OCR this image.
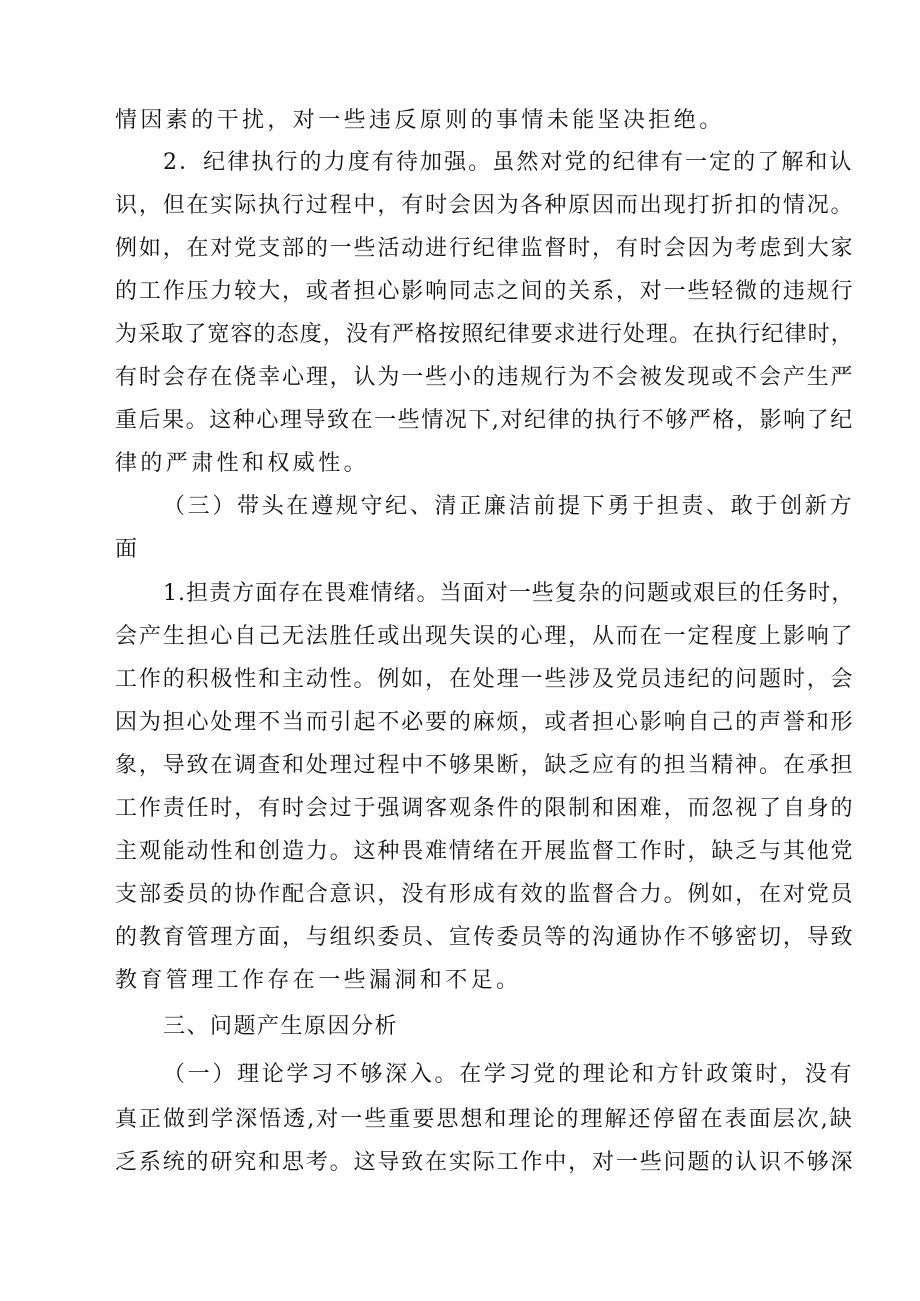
情因素的干扰，对一些违反原则的事情未能坚决拒绝。
2．纪律执行的力度有待加强。虽然对党的纪律有一定的了解和认
识，但在实际执行过程中，有时会因为各种原因而出现打折扣的情况。
例如，在对党支部的一些活动进行纪律监督时，有时会因为考虑到大家
的工作压力较大，或者担心影响同志之间的关系，对一些轻微的违规行
为采取了宽容的态度，没有严格按照纪律要求进行处理。在执行纪律时，
有时会存在侥幸心理，认为一些小的违规行为不会被发现或不会产生严
重后果。这种心理导致在一些情况下,对纪律的执行不够严格，影响了纪
律的严肃性和权威性。
（三）带头在遵规守纪、清正廉洁前提下勇于担责、敢于创新方
面
1.担责方面存在畏难情绪。当面对一些复杂的问题或艰巨的任务时，
会产生担心自己无法胜任或出现失误的心理，从而在一定程度上影响了
工作的积极性和主动性。例如，在处理一些涉及党员违纪的问题时，会
因为担心处理不当而引起不必要的麻烦，或者担心影响自己的声誉和形
象，导致在调查和处理过程中不够果断，缺乏应有的担当精神。在承担
工作责任时，有时会过于强调客观条件的限制和困难，而忽视了自身的
主观能动性和创造力。这种畏难情绪在开展监督工作时，缺乏与其他党
支部委员的协作配合意识，没有形成有效的监督合力。例如，在对党员
的教育管理方面，与组织委员、宣传委员等的沟通协作不够密切，导致
教育管理工作存在一些漏洞和不足。
三、问题产生原因分析
（一）理论学习不够深入。在学习党的理论和方针政策时，没有
真正做到学深悟透,对一些重要思想和理论的理解还停留在表面层次,缺
乏系统的研究和思考。这导致在实际工作中，对一些问题的认识不够深
